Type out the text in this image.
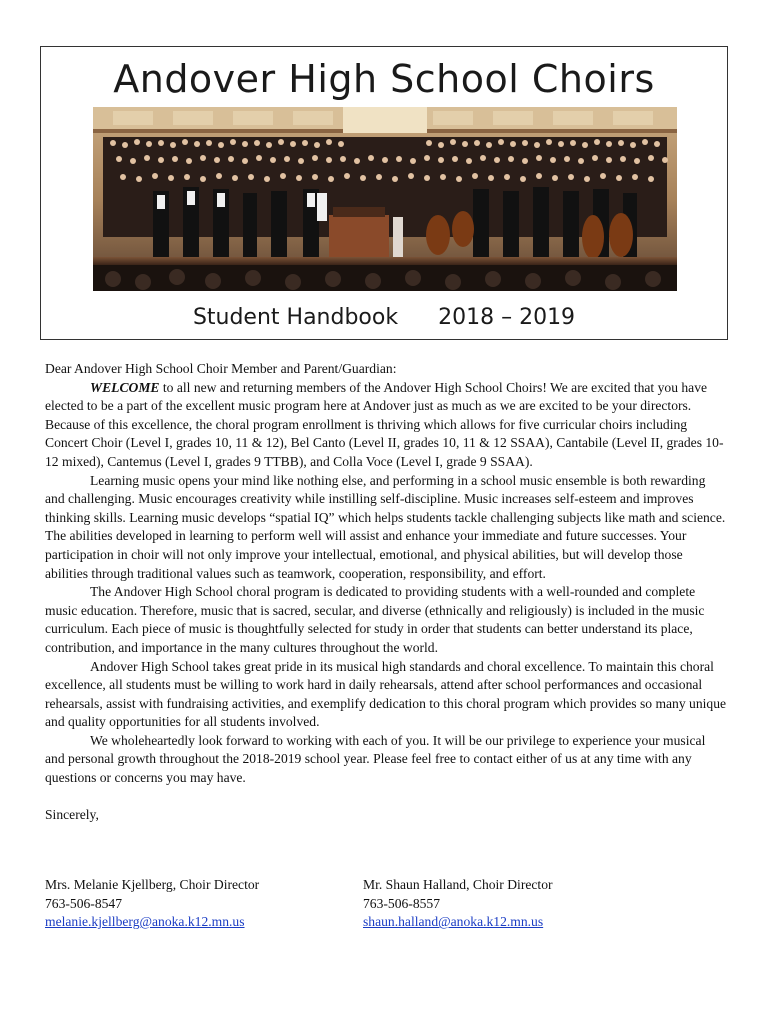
Andover High School Choirs
Student Handbook 2018 – 2019

Dear Andover High School Choir Member and Parent/Guardian:

WELCOME to all new and returning members of the Andover High School Choirs! We are excited that you have elected to be a part of the excellent music program here at Andover just as much as we are excited to be your directors. Because of this excellence, the choral program enrollment is thriving which allows for five curricular choirs including Concert Choir (Level I, grades 10, 11 & 12), Bel Canto (Level II, grades 10, 11 & 12 SSAA), Cantabile (Level II, grades 10-12 mixed), Cantemus (Level I, grades 9 TTBB), and Colla Voce (Level I, grade 9 SSAA).

Learning music opens your mind like nothing else, and performing in a school music ensemble is both rewarding and challenging. Music encourages creativity while instilling self-discipline. Music increases self-esteem and improves thinking skills. Learning music develops “spatial IQ” which helps students tackle challenging subjects like math and science. The abilities developed in learning to perform well will assist and enhance your immediate and future successes. Your participation in choir will not only improve your intellectual, emotional, and physical abilities, but will develop those abilities through traditional values such as teamwork, cooperation, responsibility, and effort.

The Andover High School choral program is dedicated to providing students with a well-rounded and complete music education. Therefore, music that is sacred, secular, and diverse (ethnically and religiously) is included in the music curriculum. Each piece of music is thoughtfully selected for study in order that students can better understand its place, contribution, and importance in the many cultures throughout the world.

Andover High School takes great pride in its musical high standards and choral excellence. To maintain this choral excellence, all students must be willing to work hard in daily rehearsals, attend after school performances and occasional rehearsals, assist with fundraising activities, and exemplify dedication to this choral program which provides so many unique and quality opportunities for all students involved.

We wholeheartedly look forward to working with each of you. It will be our privilege to experience your musical and personal growth throughout the 2018-2019 school year. Please feel free to contact either of us at any time with any questions or concerns you may have.

Sincerely,

Mrs. Melanie Kjellberg, Choir Director
763-506-8547
melanie.kjellberg@anoka.k12.mn.us
Mr. Shaun Halland, Choir Director
763-506-8557
shaun.halland@anoka.k12.mn.us
